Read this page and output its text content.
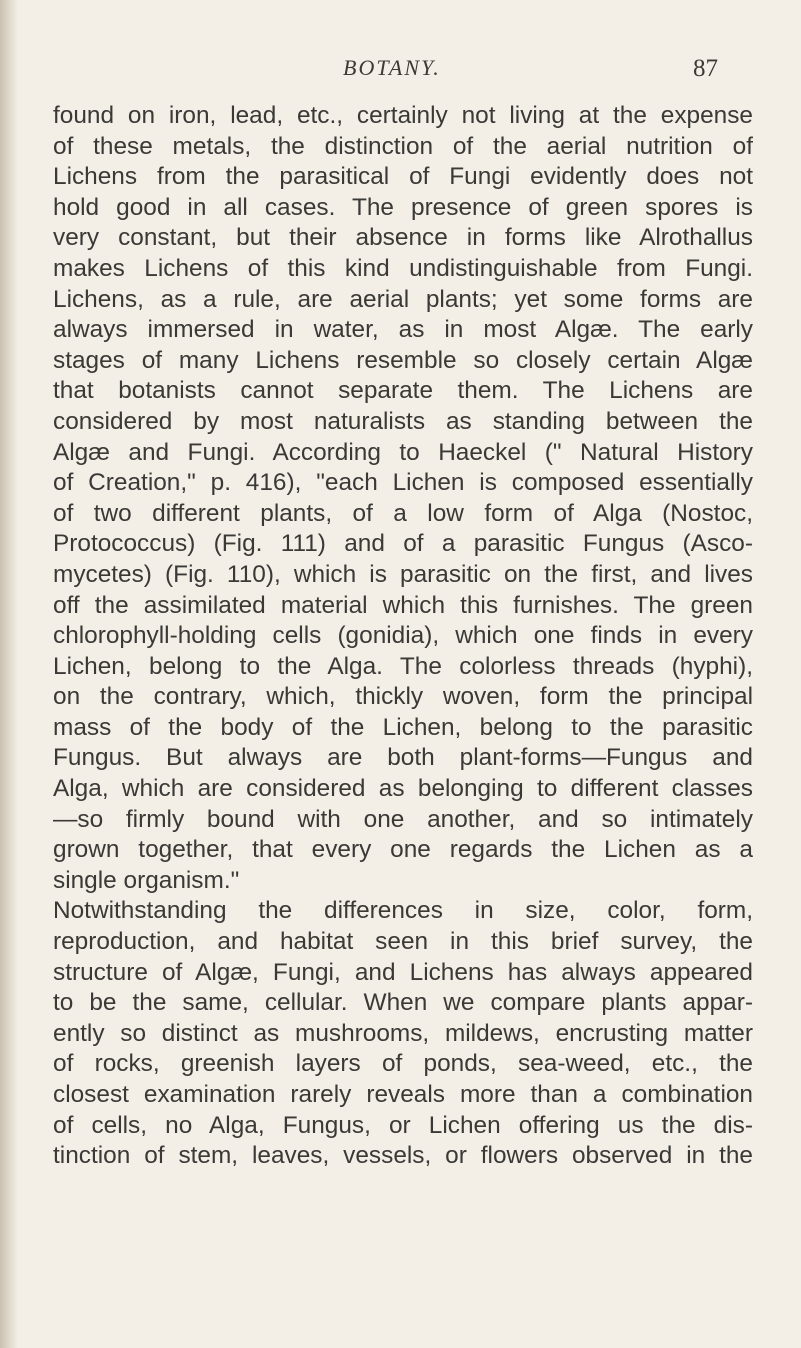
BOTANY.	87
found on iron, lead, etc., certainly not living at the expense
of these metals, the distinction of the aerial nutrition of
Lichens from the parasitical of Fungi evidently does not
hold good in all cases. The presence of green spores is
very constant, but their absence in forms like Alrothallus
makes Lichens of this kind undistinguishable from Fungi.
Lichens, as a rule, are aerial plants; yet some forms are
always immersed in water, as in most Algæ. The early
stages of many Lichens resemble so closely certain Algæ
that botanists cannot separate them. The Lichens are
considered by most naturalists as standing between the
Algæ and Fungi. According to Haeckel (" Natural History
of Creation," p. 416), "each Lichen is composed essentially
of two different plants, of a low form of Alga (Nostoc,
Protococcus) (Fig. 111) and of a parasitic Fungus (Asco-
mycetes) (Fig. 110), which is parasitic on the first, and lives
off the assimilated material which this furnishes. The green
chlorophyll-holding cells (gonidia), which one finds in every
Lichen, belong to the Alga. The colorless threads (hyphi),
on the contrary, which, thickly woven, form the principal
mass of the body of the Lichen, belong to the parasitic
Fungus. But always are both plant-forms—Fungus and
Alga, which are considered as belonging to different classes
—so firmly bound with one another, and so intimately
grown together, that every one regards the Lichen as a
single organism."
Notwithstanding the differences in size, color, form,
reproduction, and habitat seen in this brief survey, the
structure of Algæ, Fungi, and Lichens has always appeared
to be the same, cellular. When we compare plants appar-
ently so distinct as mushrooms, mildews, encrusting matter
of rocks, greenish layers of ponds, sea-weed, etc., the
closest examination rarely reveals more than a combination
of cells, no Alga, Fungus, or Lichen offering us the dis-
tinction of stem, leaves, vessels, or flowers observed in the
